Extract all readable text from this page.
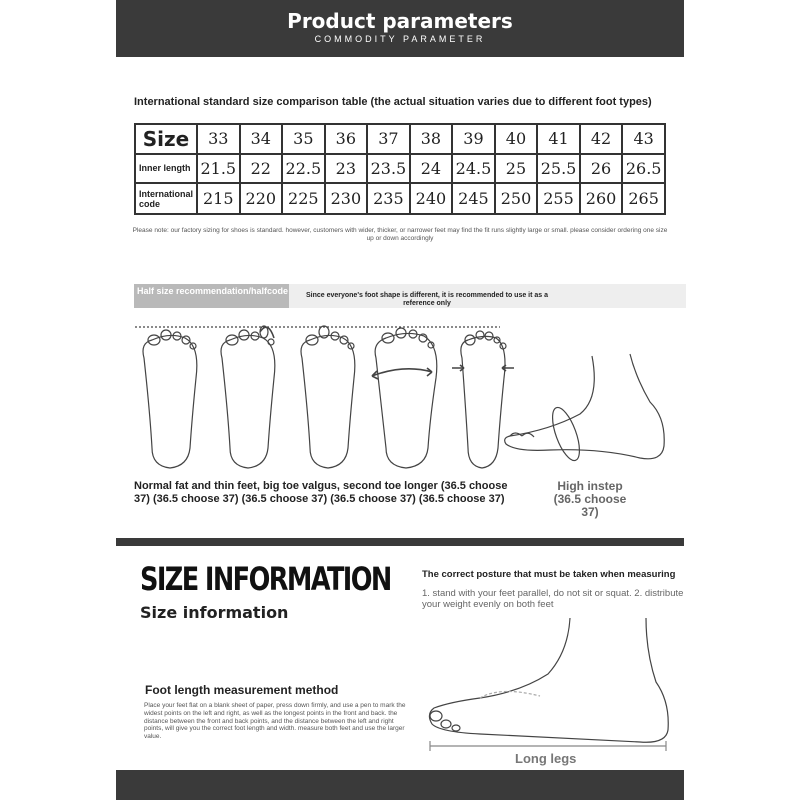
Product parameters
COMMODITY PARAMETER
International standard size comparison table (the actual situation varies due to different foot types)
Size	33	34	35	36	37	38	39	40	41	42	43
Inner length	21.5	22	22.5	23	23.5	24	24.5	25	25.5	26	26.5
International code	215	220	225	230	235	240	245	250	255	260	265
Please note: our factory sizing for shoes is standard. however, customers with wider, thicker, or narrower feet may find the fit runs slightly large or small. please consider ordering one size up or down accordingly
Half size recommendation/halfcode	Since everyone's foot shape is different, it is recommended to use it as a reference only
Normal fat and thin feet, big toe valgus, second toe longer (36.5 choose 37) (36.5 choose 37) (36.5 choose 37) (36.5 choose 37) (36.5 choose 37)
High instep (36.5 choose 37)
SIZE INFORMATION
Size information
The correct posture that must be taken when measuring
1. stand with your feet parallel, do not sit or squat. 2. distribute your weight evenly on both feet
Foot length measurement method
Place your feet flat on a blank sheet of paper, press down firmly, and use a pen to mark the widest points on the left and right, as well as the longest points in the front and back. the distance between the front and back points, and the distance between the left and right points, will give you the correct foot length and width. measure both feet and use the larger value.
Long legs
